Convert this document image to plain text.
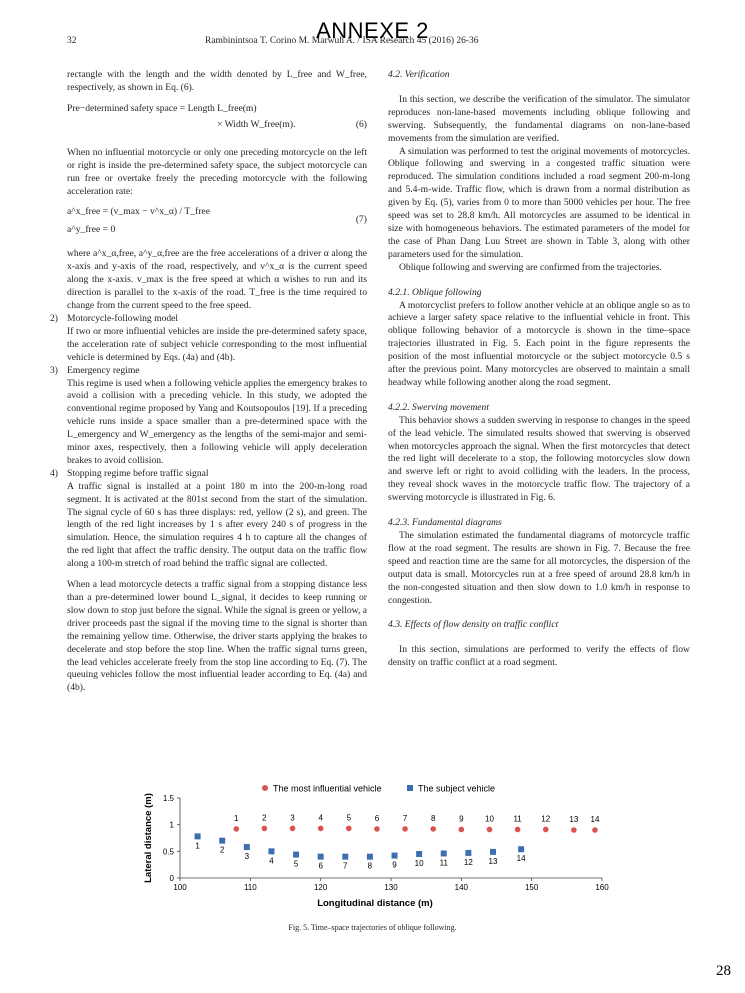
32	Rambinintsoa T. Corino M. Marwuh A. / ISA Research 45 (2016) 26-36
ANNEXE 2

rectangle with the length and the width denoted by L_free and W_free, respectively, as shown in Eq. (6).

Pre−determined safety space = Length L_free(m)
× Width W_free(m).	(6)

When no influential motorcycle or only one preceding motorcycle on the left or right is inside the pre-determined safety space, the subject motorcycle can run free or overtake freely the preceding motorcycle with the following acceleration rate:

a^x_free = (v_max − v^x_α) / T_free
(7)
a^y_free = 0

where a^x_α,free, a^y_α,free are the free accelerations of a driver α along the x-axis and y-axis of the road, respectively, and v^x_α is the current speed along the x-axis. v_max is the free speed at which α wishes to run and its direction is parallel to the x-axis of the road. T_free is the time required to change from the current speed to the free speed.

2) Motorcycle-following model

If two or more influential vehicles are inside the pre-determined safety space, the acceleration rate of subject vehicle corresponding to the most influential vehicle is determined by Eqs. (4a) and (4b).

3) Emergency regime

This regime is used when a following vehicle applies the emergency brakes to avoid a collision with a preceding vehicle. In this study, we adopted the conventional regime proposed by Yang and Koutsopoulos [19]. If a preceding vehicle runs inside a space smaller than a pre-determined space with the L_emergency and W_emergency as the lengths of the semi-major and semi-minor axes, respectively, then a following vehicle will apply deceleration brakes to avoid collision.

4) Stopping regime before traffic signal

A traffic signal is installed at a point 180 m into the 200-m-long road segment. It is activated at the 801st second from the start of the simulation. The signal cycle of 60 s has three displays: red, yellow (2 s), and green. The length of the red light increases by 1 s after every 240 s of progress in the simulation. Hence, the simulation requires 4 h to capture all the changes of the red light that affect the traffic density. The output data on the traffic flow along a 100-m stretch of road behind the traffic signal are collected.

When a lead motorcycle detects a traffic signal from a stopping distance less than a pre-determined lower bound L_signal, it decides to keep running or slow down to stop just before the signal. While the signal is green or yellow, a driver proceeds past the signal if the moving time to the signal is shorter than the remaining yellow time. Otherwise, the driver starts applying the brakes to decelerate and stop before the stop line. When the traffic signal turns green, the lead vehicles accelerate freely from the stop line according to Eq. (7). The queuing vehicles follow the most influential leader according to Eq. (4a) and (4b).

4.2. Verification

In this section, we describe the verification of the simulator. The simulator reproduces non-lane-based movements including oblique following and swerving. Subsequently, the fundamental diagrams on non-lane-based movements from the simulation are verified.

A simulation was performed to test the original movements of motorcycles. Oblique following and swerving in a congested traffic situation were reproduced. The simulation conditions included a road segment 200-m-long and 5.4-m-wide. Traffic flow, which is drawn from a normal distribution as given by Eq. (5), varies from 0 to more than 5000 vehicles per hour. The free speed was set to 28.8 km/h. All motorcycles are assumed to be identical in size with homogeneous behaviors. The estimated parameters of the model for the case of Phan Dang Luu Street are shown in Table 3, along with other parameters used for the simulation.

Oblique following and swerving are confirmed from the trajectories.

4.2.1. Oblique following

A motorcyclist prefers to follow another vehicle at an oblique angle so as to achieve a larger safety space relative to the influential vehicle in front. This oblique following behavior of a motorcycle is shown in the time–space trajectories illustrated in Fig. 5. Each point in the figure represents the position of the most influential motorcycle or the subject motorcycle 0.5 s after the previous point. Many motorcycles are observed to maintain a small headway while following another along the road segment.

4.2.2. Swerving movement

This behavior shows a sudden swerving in response to changes in the speed of the lead vehicle. The simulated results showed that swerving is observed when motorcycles approach the signal. When the first motorcycles that detect the red light will decelerate to a stop, the following motorcycles slow down and swerve left or right to avoid colliding with the leaders. In the process, they reveal shock waves in the motorcycle traffic flow. The trajectory of a swerving motorcycle is illustrated in Fig. 6.

4.2.3. Fundamental diagrams

The simulation estimated the fundamental diagrams of motorcycle traffic flow at the road segment. The results are shown in Fig. 7. Because the free speed and reaction time are the same for all motorcycles, the dispersion of the output data is small. Motorcycles run at a free speed of around 28.8 km/h in the non-congested situation and then slow down to 1.0 km/h in response to congestion.

4.3. Effects of flow density on traffic conflict

In this section, simulations are performed to verify the effects of flow density on traffic conflict at a road segment.

The most influential vehicle	The subject vehicle
Longitudinal distance (m)
Lateral distance (m)
100	110	120	130	140	150	160
0
0.5
1
1.5
1	2	3	4	5	6	7	8	9	10 11 12 13 14
1	2
3	4	5	6	7	8	9 10 11 12 13 14
Fig. 5. Time–space trajectories of oblique following.
28
